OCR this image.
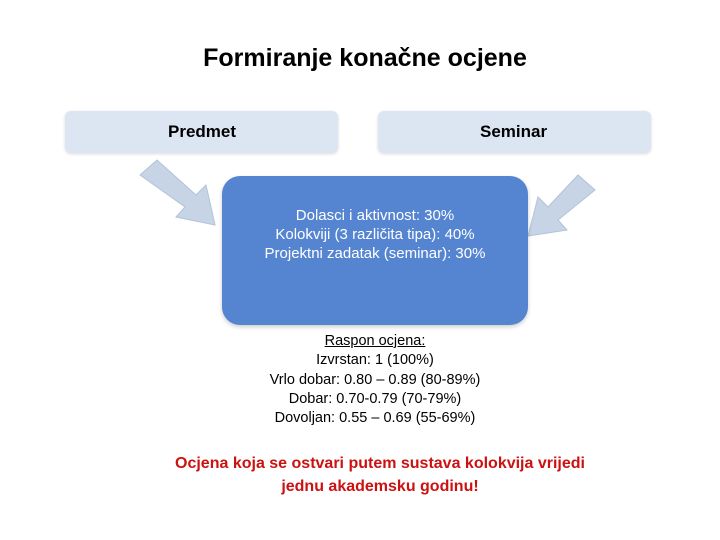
Formiranje konačne ocjene
Predmet	Seminar
Dolasci i aktivnost: 30%
Kolokviji (3 različita tipa): 40%
Projektni zadatak (seminar): 30%
Raspon ocjena:
Izvrstan: 1 (100%)
Vrlo dobar: 0.80 – 0.89 (80-89%)
Dobar: 0.70-0.79 (70-79%)
Dovoljan: 0.55 – 0.69 (55-69%)
Ocjena koja se ostvari putem sustava kolokvija vrijedi
jednu akademsku godinu!
